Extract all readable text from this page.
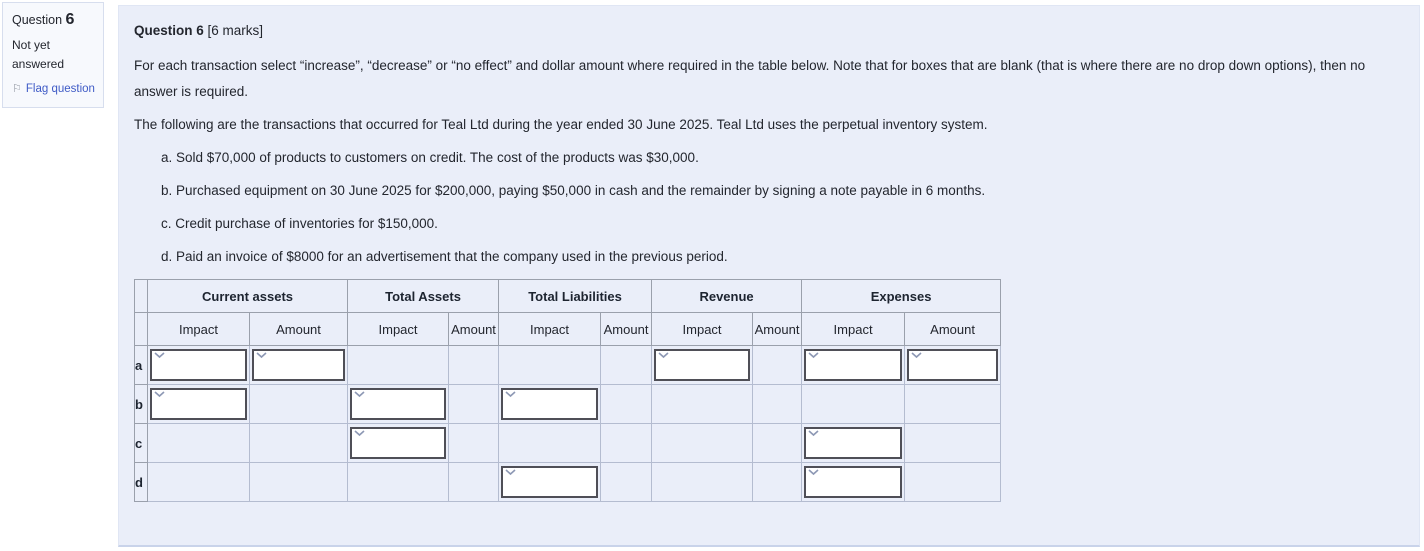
Question 6
Not yet answered
⚐ Flag question

Question 6 [6 marks]

For each transaction select “increase”, “decrease” or “no effect” and dollar amount where required in the table below. Note that for boxes that are blank (that is where there are no drop down options), then no answer is required.

The following are the transactions that occurred for Teal Ltd during the year ended 30 June 2025. Teal Ltd uses the perpetual inventory system.

a. Sold $70,000 of products to customers on credit. The cost of the products was $30,000.
b. Purchased equipment on 30 June 2025 for $200,000, paying $50,000 in cash and the remainder by signing a note payable in 6 months.
c. Credit purchase of inventories for $150,000.
d. Paid an invoice of $8000 for an advertisement that the company used in the previous period.
	Current assets		Total Assets		Total Liabilities		Revenue		Expenses	
	Impact	Amount	Impact	Amount	Impact	Amount	Impact	Amount	Impact	Amount
a	

b	

c			

d					
